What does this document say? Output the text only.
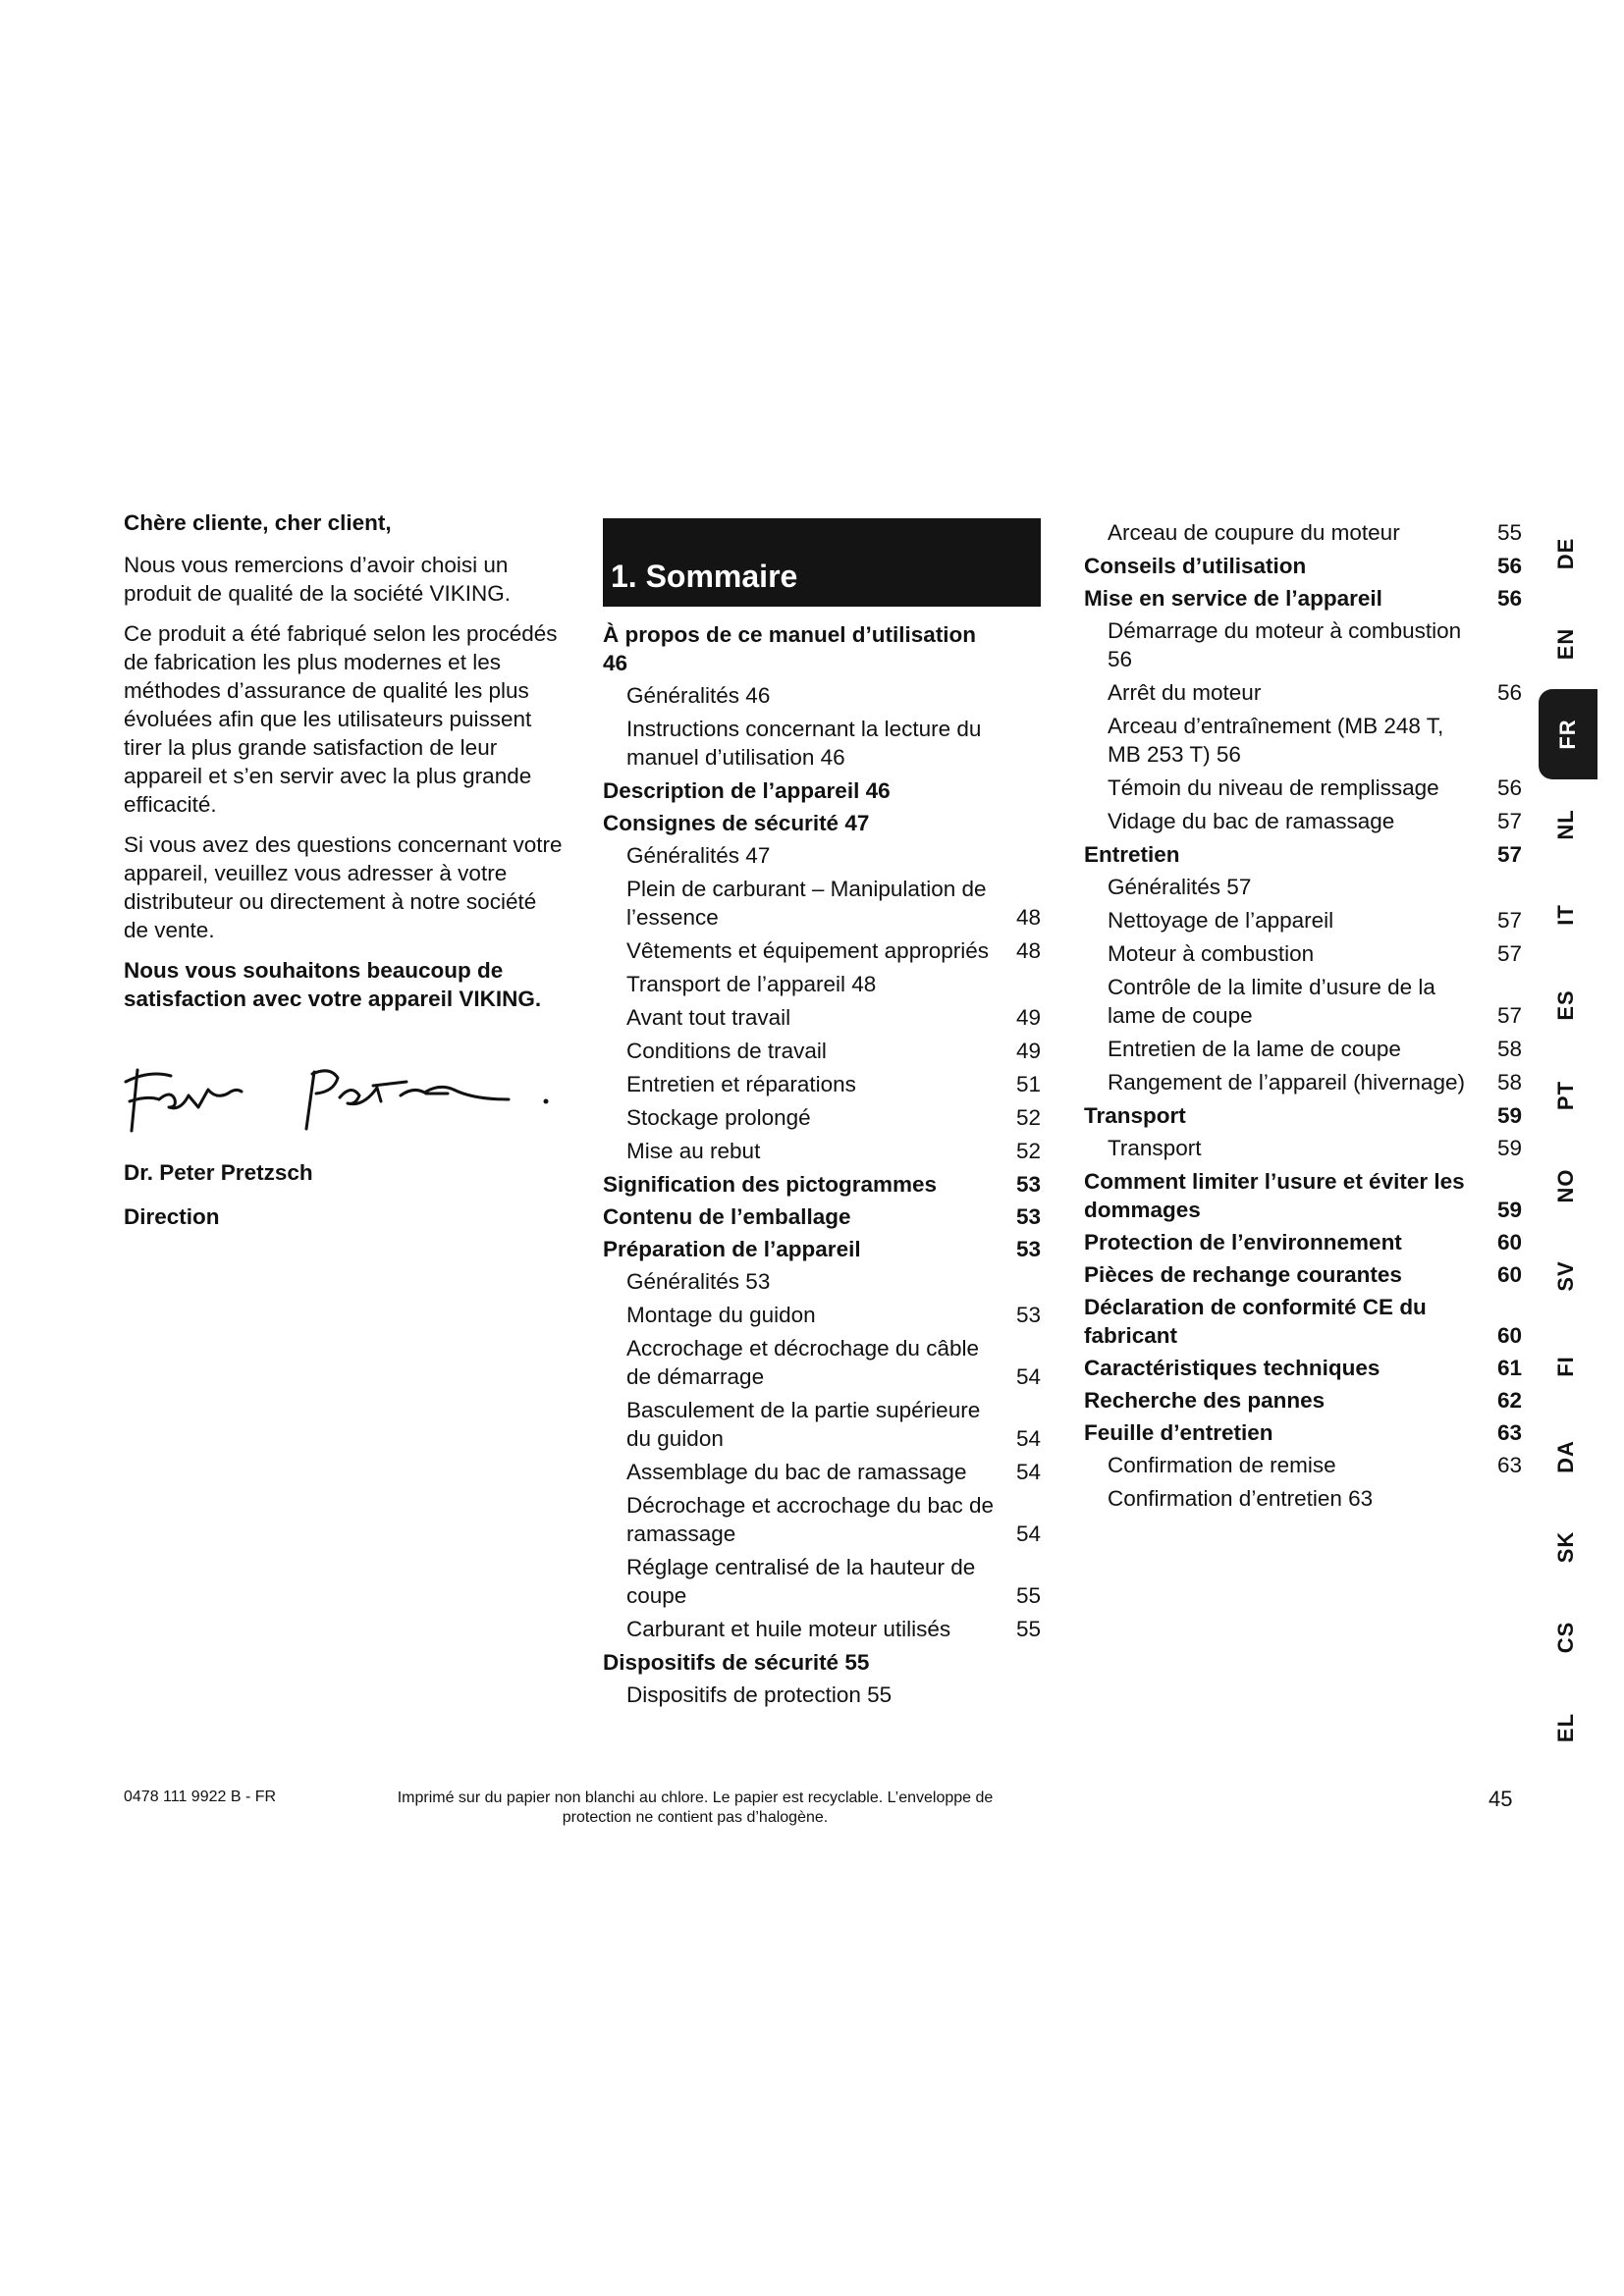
Chère cliente, cher client,

Nous vous remercions d’avoir choisi un produit de qualité de la société VIKING.

Ce produit a été fabriqué selon les procédés de fabrication les plus modernes et les méthodes d’assurance de qualité les plus évoluées afin que les utilisateurs puissent tirer la plus grande satisfaction de leur appareil et s’en servir avec la plus grande efficacité.

Si vous avez des questions concernant votre appareil, veuillez vous adresser à votre distributeur ou directement à notre société de vente.

Nous vous souhaitons beaucoup de satisfaction avec votre appareil VIKING.

Dr. Peter Pretzsch

Direction

1. Sommaire
À propos de ce manuel d’utilisation 46
Généralités 46
Instructions concernant la lecture du manuel d’utilisation 46
Description de l’appareil 46
Consignes de sécurité 47
Généralités 47
Plein de carburant – Manipulation de l’essence	48
Vêtements et équipement appropriés	48
Transport de l’appareil 48
Avant tout travail	49
Conditions de travail	49
Entretien et réparations	51
Stockage prolongé	52
Mise au rebut	52
Signification des pictogrammes	53
Contenu de l’emballage	53
Préparation de l’appareil	53
Généralités 53
Montage du guidon	53
Accrochage et décrochage du câble de démarrage	54
Basculement de la partie supérieure du guidon	54
Assemblage du bac de ramassage	54
Décrochage et accrochage du bac de ramassage	54
Réglage centralisé de la hauteur de coupe	55
Carburant et huile moteur utilisés	55
Dispositifs de sécurité 55
Dispositifs de protection 55
Arceau de coupure du moteur	55
Conseils d’utilisation	56
Mise en service de l’appareil	56
Démarrage du moteur à combustion 56
Arrêt du moteur	56
Arceau d’entraînement (MB 248 T, MB 253 T) 56
Témoin du niveau de remplissage	56
Vidage du bac de ramassage	57
Entretien	57
Généralités 57
Nettoyage de l’appareil	57
Moteur à combustion	57
Contrôle de la limite d’usure de la lame de coupe	57
Entretien de la lame de coupe	58
Rangement de l’appareil (hivernage)	58
Transport	59
Transport	59
Comment limiter l’usure et éviter les dommages	59
Protection de l’environnement	60
Pièces de rechange courantes	60
Déclaration de conformité CE du fabricant	60
Caractéristiques techniques	61
Recherche des pannes	62
Feuille d’entretien	63
Confirmation de remise	63
Confirmation d’entretien 63
DE
EN
FR
NL
IT
ES
PT
NO
SV
FI
DA
SK
CS
EL
0478 111 9922 B - FR	Imprimé sur du papier non blanchi au chlore. Le papier est recyclable. L’enveloppe de protection ne contient pas d’halogène.
45
